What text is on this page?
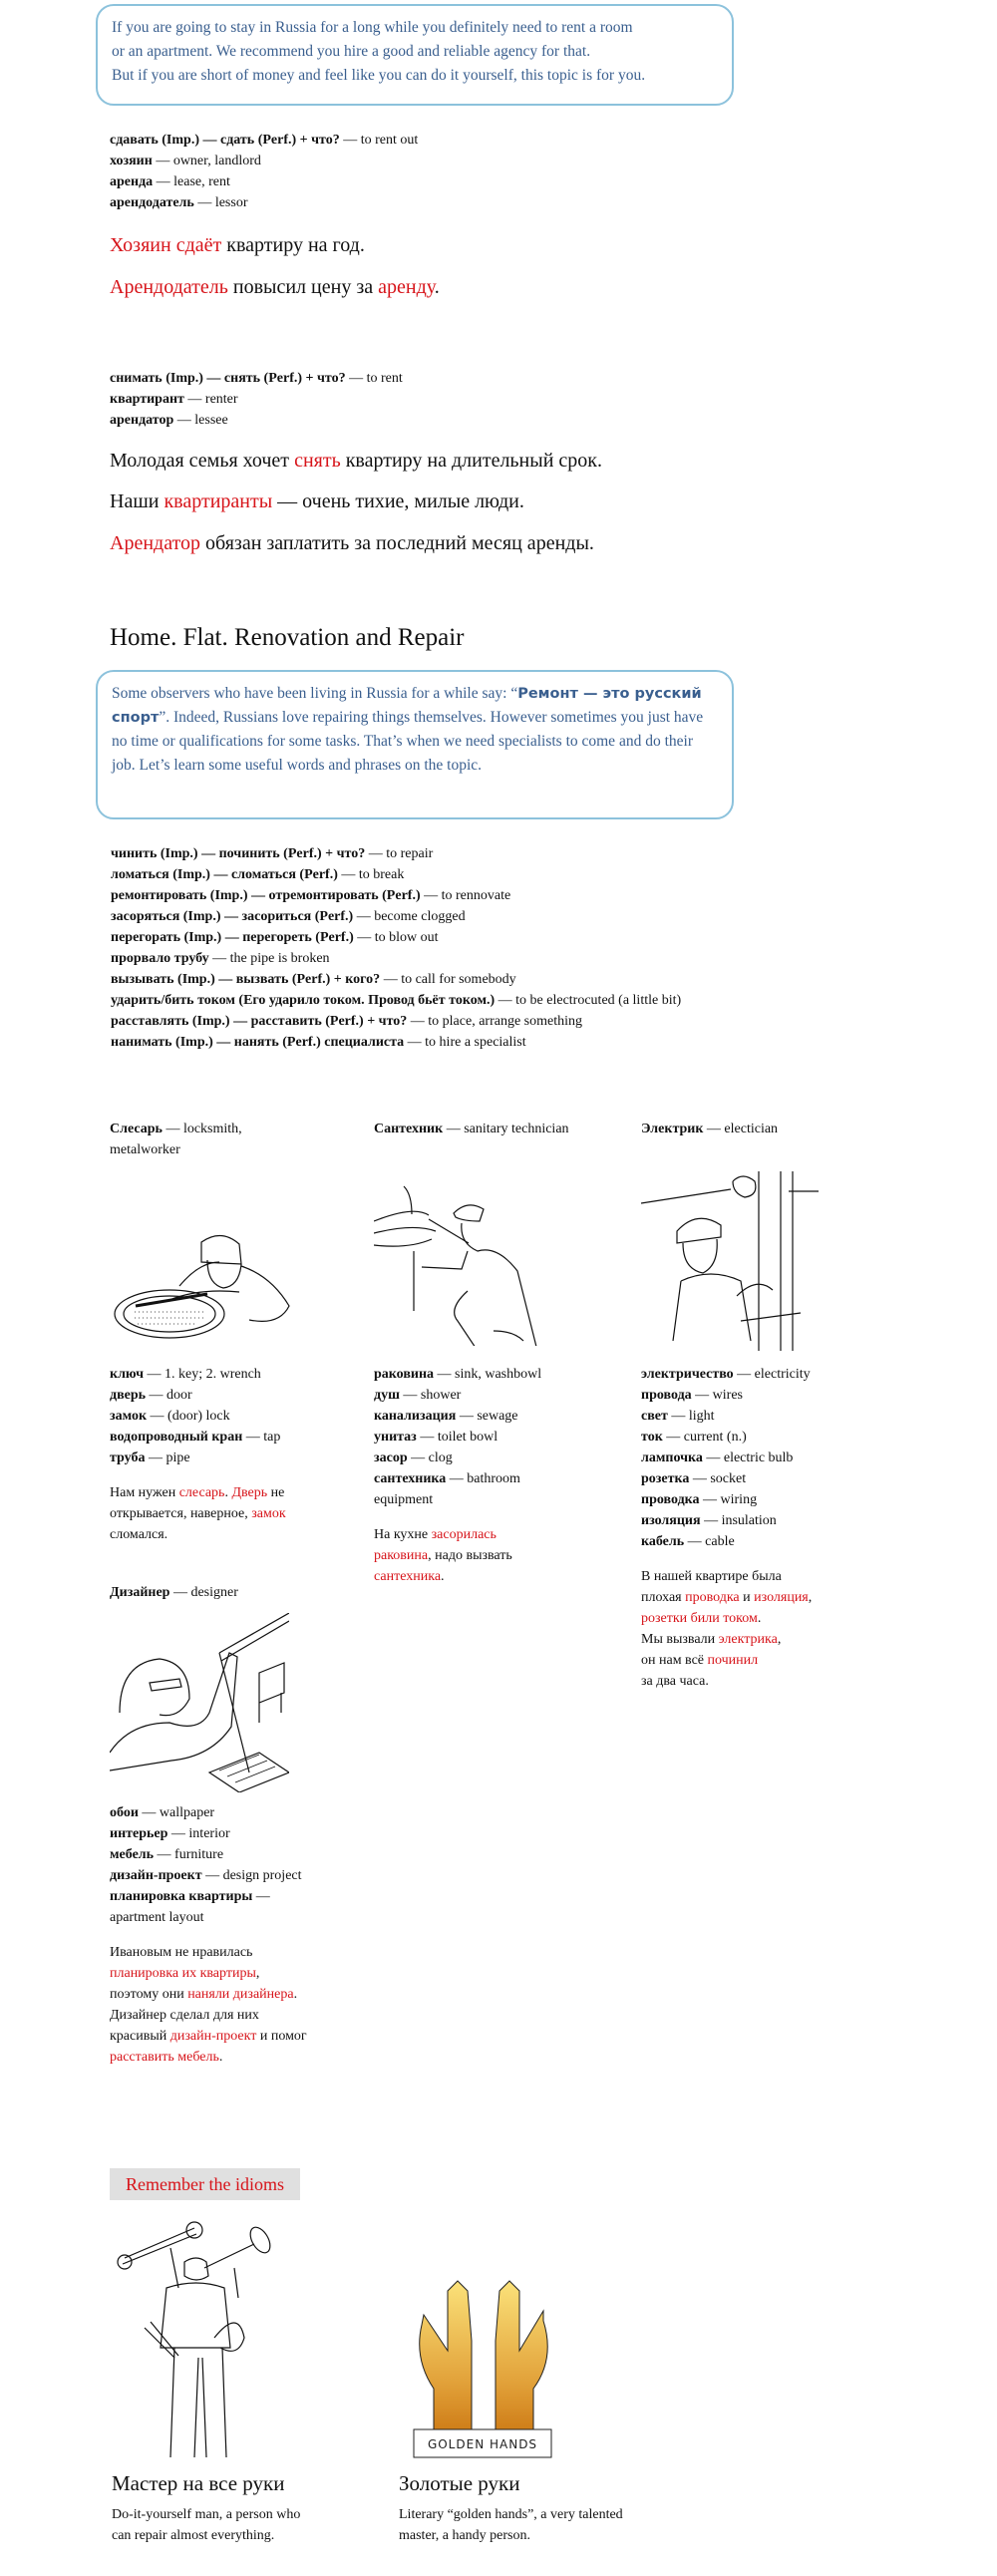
If you are going to stay in Russia for a long while you definitely need to rent a room
or an apartment. We recommend you hire a good and reliable agency for that.
But if you are short of money and feel like you can do it yourself, this topic is for you.
сдавать (Imp.) — сдать (Perf.) + что? — to rent out
хозяин — owner, landlord
аренда — lease, rent
арендодатель — lessor
Хозяин сдаёт квартиру на год.
Арендодатель повысил цену за аренду.
снимать (Imp.) — снять (Perf.) + что? — to rent
квартирант — renter
арендатор — lessee
Молодая семья хочет снять квартиру на длительный срок.
Наши квартиранты — очень тихие, милые люди.
Арендатор обязан заплатить за последний месяц аренды.
Home. Flat. Renovation and Repair
Some observers who have been living in Russia for a while say: “Ремонт — это русский спорт”. Indeed, Russians love repairing things themselves. However sometimes you just have no time or qualifications for some tasks. That’s when we need specialists to come and do their job. Let’s learn some useful words and phrases on the topic.
чинить (Imp.) — починить (Perf.) + что? — to repair
ломаться (Imp.) — сломаться (Perf.) — to break
ремонтировать (Imp.) — отремонтировать (Perf.) — to rennovate
засоряться (Imp.) — засориться (Perf.) — become clogged
перегорать (Imp.) — перегореть (Perf.) — to blow out
прорвало трубу — the pipe is broken
вызывать (Imp.) — вызвать (Perf.) + кого? — to call for somebody
ударить/бить током (Его ударило током. Провод бьёт током.) — to be electrocuted (a little bit)
расставлять (Imp.) — расставить (Perf.) + что? — to place, arrange something
нанимать (Imp.) — нанять (Perf.) специалиста — to hire a specialist
Слесарь — locksmith, metalworker
ключ — 1. key; 2. wrench
дверь — door
замок — (door) lock
водопроводный кран — tap
труба — pipe

Нам нужен слесарь. Дверь не открывается, наверное, замок сломался.

Сантехник — sanitary technician
раковина — sink, washbowl
душ — shower
канализация — sewage
унитаз — toilet bowl
засор — clog
сантехника — bathroom equipment

На кухне засорилась раковина, надо вызвать сантехника.

Электрик — electician
электричество — electricity
провода — wires
свет — light
ток — current (n.)
лампочка — electric bulb
розетка — socket
проводка — wiring
изоляция — insulation
кабель — cable

В нашей квартире была
плохая проводка и изоляция,
розетки били током.
Мы вызвали электрика,
он нам всё починил
за два часа.

Дизайнер — designer
обои — wallpaper
интерьер — interior
мебель — furniture
дизайн-проект — design project
планировка квартиры — apartment layout

Ивановым не нравилась планировка их квартиры, поэтому они наняли дизайнера. Дизайнер сделал для них красивый дизайн-проект и помог расставить мебель.

Remember the idioms
GOLDEN HANDS
Мастер на все руки
Do-it-yourself man, a person who can repair almost everything.
Золотые руки
Literary “golden hands”, a very talented master, a handy person.
